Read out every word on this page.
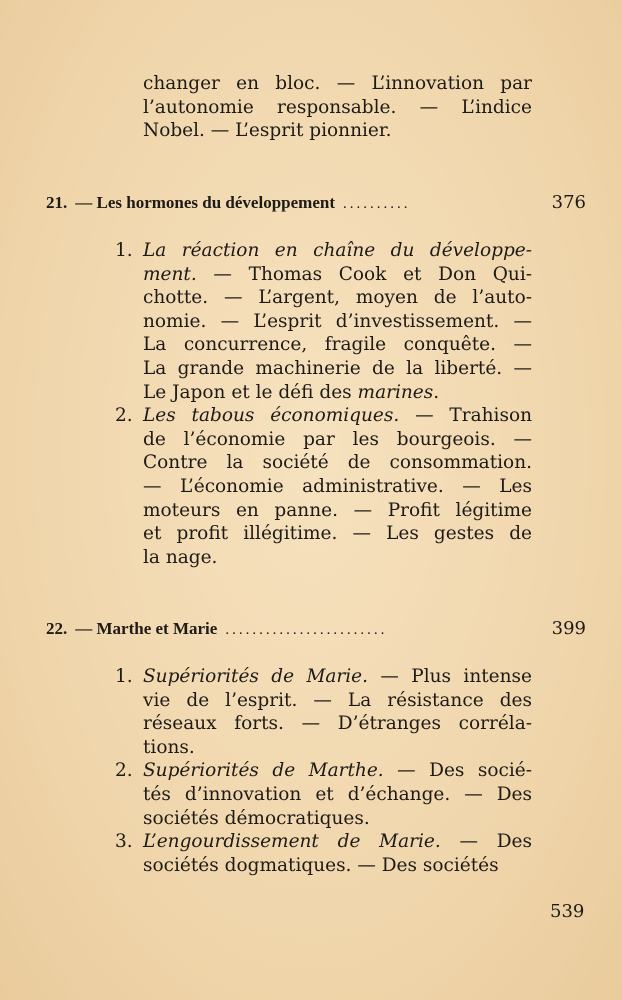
changer en bloc. — L’innovation par
l’autonomie responsable. — L’indice
Nobel. — L’esprit pionnier.
21. — Les hormones du développement ..........	376
1. La réaction en chaîne du développe-
ment. — Thomas Cook et Don Qui-
chotte. — L’argent, moyen de l’auto-
nomie. — L’esprit d’investissement. —
La concurrence, fragile conquête. —
La grande machinerie de la liberté. —
Le Japon et le défi des marines.
2. Les tabous économiques. — Trahison
de l’économie par les bourgeois. —
Contre la société de consommation.
— L’économie administrative. — Les
moteurs en panne. — Profit légitime
et profit illégitime. — Les gestes de
la nage.
22. — Marthe et Marie ........................	399
1. Supériorités de Marie. — Plus intense
vie de l’esprit. — La résistance des
réseaux forts. — D’étranges corréla-
tions.
2. Supériorités de Marthe. — Des socié-
tés d’innovation et d’échange. — Des
sociétés démocratiques.
3. L’engourdissement de Marie. — Des
sociétés dogmatiques. — Des sociétés
539
